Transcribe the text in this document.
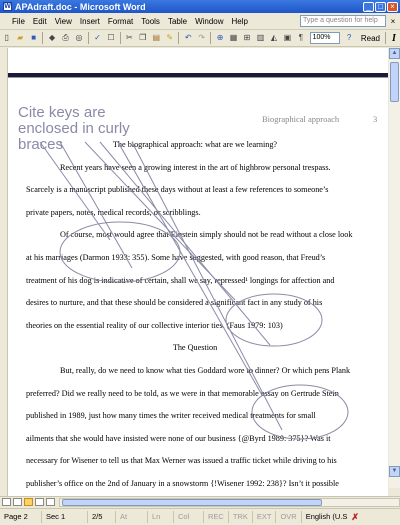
W APAdraft.doc - Microsoft Word	_ □ ×
File	Edit	View	Insert	Format	Tools	Table	Window	Help	Type a question for help	×
▯	▰ ■	◆ ⎙ ◎ ✓ ☐ ✂ ❐ ▤ ✎ ↶ ↷ ⊕ ▦ ⊞ ▥ ◭ ▣ ¶	100%	?	Read	I
Cite keys are enclosed in curly braces
Biographical approach	3
The biographical approach: what are we learning?
Recent years have seen a growing interest in the art of highbrow personal trespass.
Scarcely is a manuscript published these days without at least a few references to someone’s
private papers, notes, medical records, or scribblings.
Of course, most would agree that Einstein simply should not be read without a close look
at his marriages (Darmon 1933: 355). Some have suggested, with good reason, that Freud’s
treatment of his dog is indicative of certain, shall we say, repressed¹ longings for affection and
desires to nurture, and that these should be considered a significant fact in any study of his
theories on the essential reality of our collective interior ties. (Faus 1979: 103)
The Question
But, really, do we need to know what ties Goddard wore to dinner? Or which pens Plank
preferred? Did we really need to be told, as we were in that memorable essay on Gertrude Stein
published in 1989, just how many times the writer received medical treatments for small
ailments that she would have insisted were none of our business {@Byrd 1989: 375}? Was it
necessary for Wisener to tell us that Max Werner was issued a traffic ticket while driving to his
publisher’s office on the 2nd of January in a snowstorm {!Wisener 1992: 238}? Isn’t it possible
▲
▼
Page 2	Sec 1	2/5	At	Ln	Col	REC	TRK	EXT	OVR	English (U.S ✗
